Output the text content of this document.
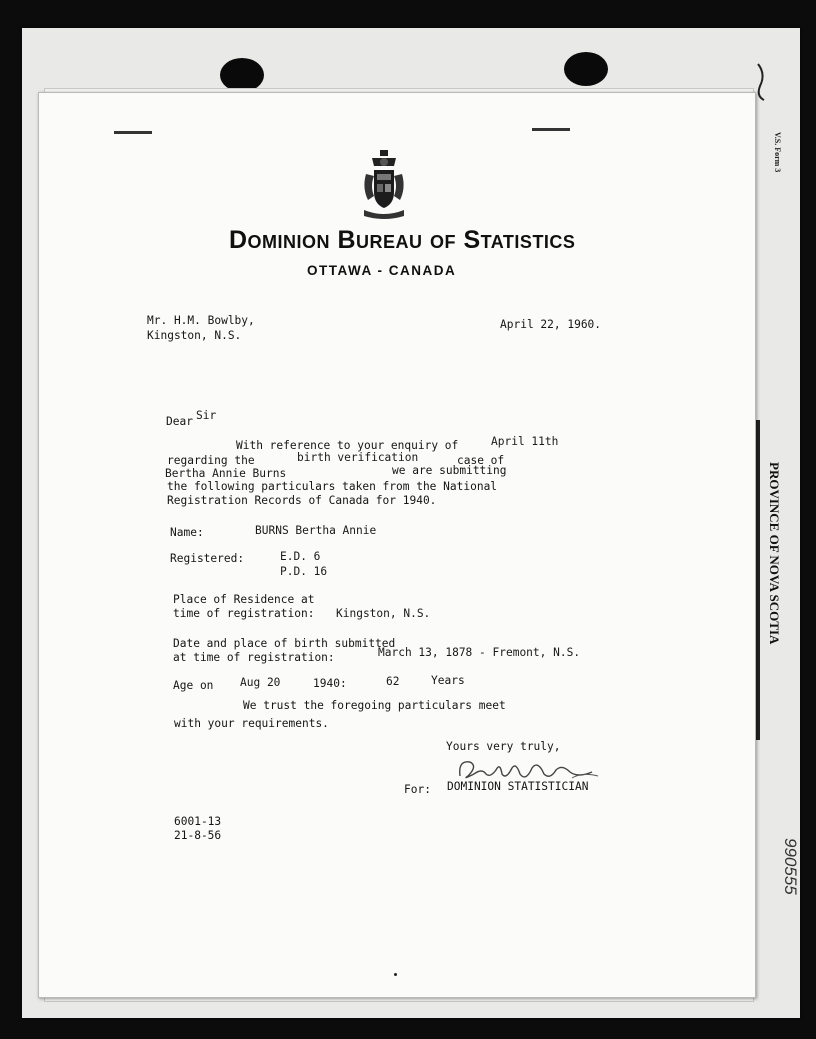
V.S. Form 3
PROVINCE OF NOVA SCOTIA
990555
Dominion Bureau of Statistics
OTTAWA - CANADA
Mr. H.M. Bowlby,
Kingston, N.S.
April 22, 1960.
Dear Sir
With reference to your enquiry of	April 11th
regarding the	birth verification	case of
Bertha Annie Burns	we are submitting
the following particulars taken from the National
Registration Records of Canada for 1940.
Name:	BURNS Bertha Annie
Registered:	E.D. 6
P.D. 16
Place of Residence at
time of registration: Kingston, N.S.
Date and place of birth submitted
at time of registration:	March 13, 1878 - Fremont, N.S.
Age on Aug 20	1940:	62	Years
We trust the foregoing particulars meet
with your requirements.
Yours very truly,
For: DOMINION STATISTICIAN
6001-13
21-8-56
